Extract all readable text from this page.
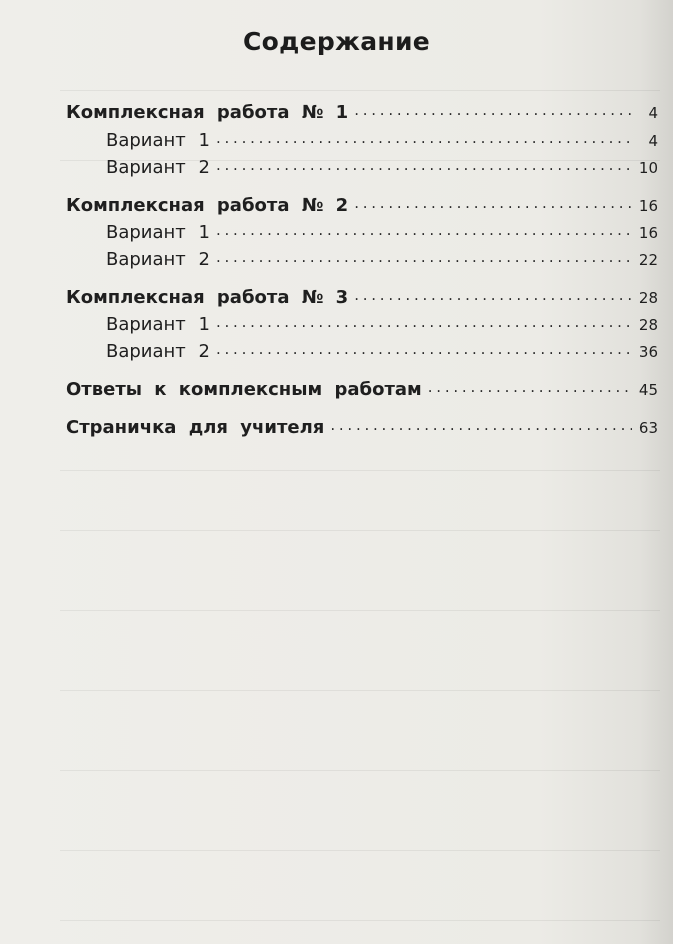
Содержание
Комплексная работа № 1 . . .	4
Вариант 1 . . .	4
Вариант 2 . . .	10
Комплексная работа № 2 . . .	16
Вариант 1 . . .	16
Вариант 2 . . .	22
Комплексная работа № 3 . . .	28
Вариант 1 . . .	28
Вариант 2 . . .	36
Ответы к комплексным работам . . .	45
Страничка для учителя . . .	63
